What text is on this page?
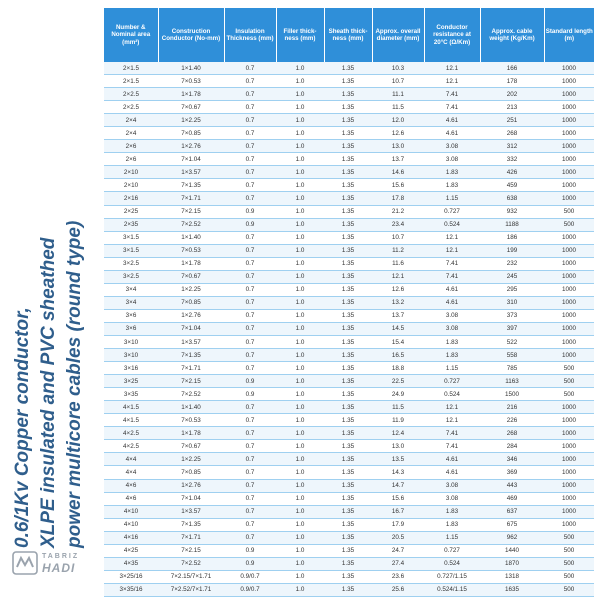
0.6/1Kv Copper conductor, XLPE insulated and PVC sheathed power multicore cables (round type)
TABRIZ
HADI
Number & Nominal area (mm²)	Construction Conductor (No-mm)	Insulation Thickness (mm)	Filler thick-ness (mm)	Sheath thick-ness (mm)	Approx. overall diameter (mm)	Conductor resistance at 20°C (Ω/Km)	Approx. cable weight (Kg/Km)	Standard length (m)
2×1.5	1×1.40	0.7	1.0	1.35	10.3	12.1	166	1000
2×1.5	7×0.53	0.7	1.0	1.35	10.7	12.1	178	1000
2×2.5	1×1.78	0.7	1.0	1.35	11.1	7.41	202	1000
2×2.5	7×0.67	0.7	1.0	1.35	11.5	7.41	213	1000
2×4	1×2.25	0.7	1.0	1.35	12.0	4.61	251	1000
2×4	7×0.85	0.7	1.0	1.35	12.6	4.61	268	1000
2×6	1×2.76	0.7	1.0	1.35	13.0	3.08	312	1000
2×6	7×1.04	0.7	1.0	1.35	13.7	3.08	332	1000
2×10	1×3.57	0.7	1.0	1.35	14.6	1.83	426	1000
2×10	7×1.35	0.7	1.0	1.35	15.6	1.83	459	1000
2×16	7×1.71	0.7	1.0	1.35	17.8	1.15	638	1000
2×25	7×2.15	0.9	1.0	1.35	21.2	0.727	932	500
2×35	7×2.52	0.9	1.0	1.35	23.4	0.524	1188	500
3×1.5	1×1.40	0.7	1.0	1.35	10.7	12.1	186	1000
3×1.5	7×0.53	0.7	1.0	1.35	11.2	12.1	199	1000
3×2.5	1×1.78	0.7	1.0	1.35	11.6	7.41	232	1000
3×2.5	7×0.67	0.7	1.0	1.35	12.1	7.41	245	1000
3×4	1×2.25	0.7	1.0	1.35	12.6	4.61	295	1000
3×4	7×0.85	0.7	1.0	1.35	13.2	4.61	310	1000
3×6	1×2.76	0.7	1.0	1.35	13.7	3.08	373	1000
3×6	7×1.04	0.7	1.0	1.35	14.5	3.08	397	1000
3×10	1×3.57	0.7	1.0	1.35	15.4	1.83	522	1000
3×10	7×1.35	0.7	1.0	1.35	16.5	1.83	558	1000
3×16	7×1.71	0.7	1.0	1.35	18.8	1.15	785	500
3×25	7×2.15	0.9	1.0	1.35	22.5	0.727	1163	500
3×35	7×2.52	0.9	1.0	1.35	24.9	0.524	1500	500
4×1.5	1×1.40	0.7	1.0	1.35	11.5	12.1	216	1000
4×1.5	7×0.53	0.7	1.0	1.35	11.9	12.1	226	1000
4×2.5	1×1.78	0.7	1.0	1.35	12.4	7.41	268	1000
4×2.5	7×0.67	0.7	1.0	1.35	13.0	7.41	284	1000
4×4	1×2.25	0.7	1.0	1.35	13.5	4.61	346	1000
4×4	7×0.85	0.7	1.0	1.35	14.3	4.61	369	1000
4×6	1×2.76	0.7	1.0	1.35	14.7	3.08	443	1000
4×6	7×1.04	0.7	1.0	1.35	15.6	3.08	469	1000
4×10	1×3.57	0.7	1.0	1.35	16.7	1.83	637	1000
4×10	7×1.35	0.7	1.0	1.35	17.9	1.83	675	1000
4×16	7×1.71	0.7	1.0	1.35	20.5	1.15	962	500
4×25	7×2.15	0.9	1.0	1.35	24.7	0.727	1440	500
4×35	7×2.52	0.9	1.0	1.35	27.4	0.524	1870	500
3×25/16	7×2.15/7×1.71	0.9/0.7	1.0	1.35	23.6	0.727/1.15	1318	500
3×35/16	7×2.52/7×1.71	0.9/0.7	1.0	1.35	25.6	0.524/1.15	1635	500
